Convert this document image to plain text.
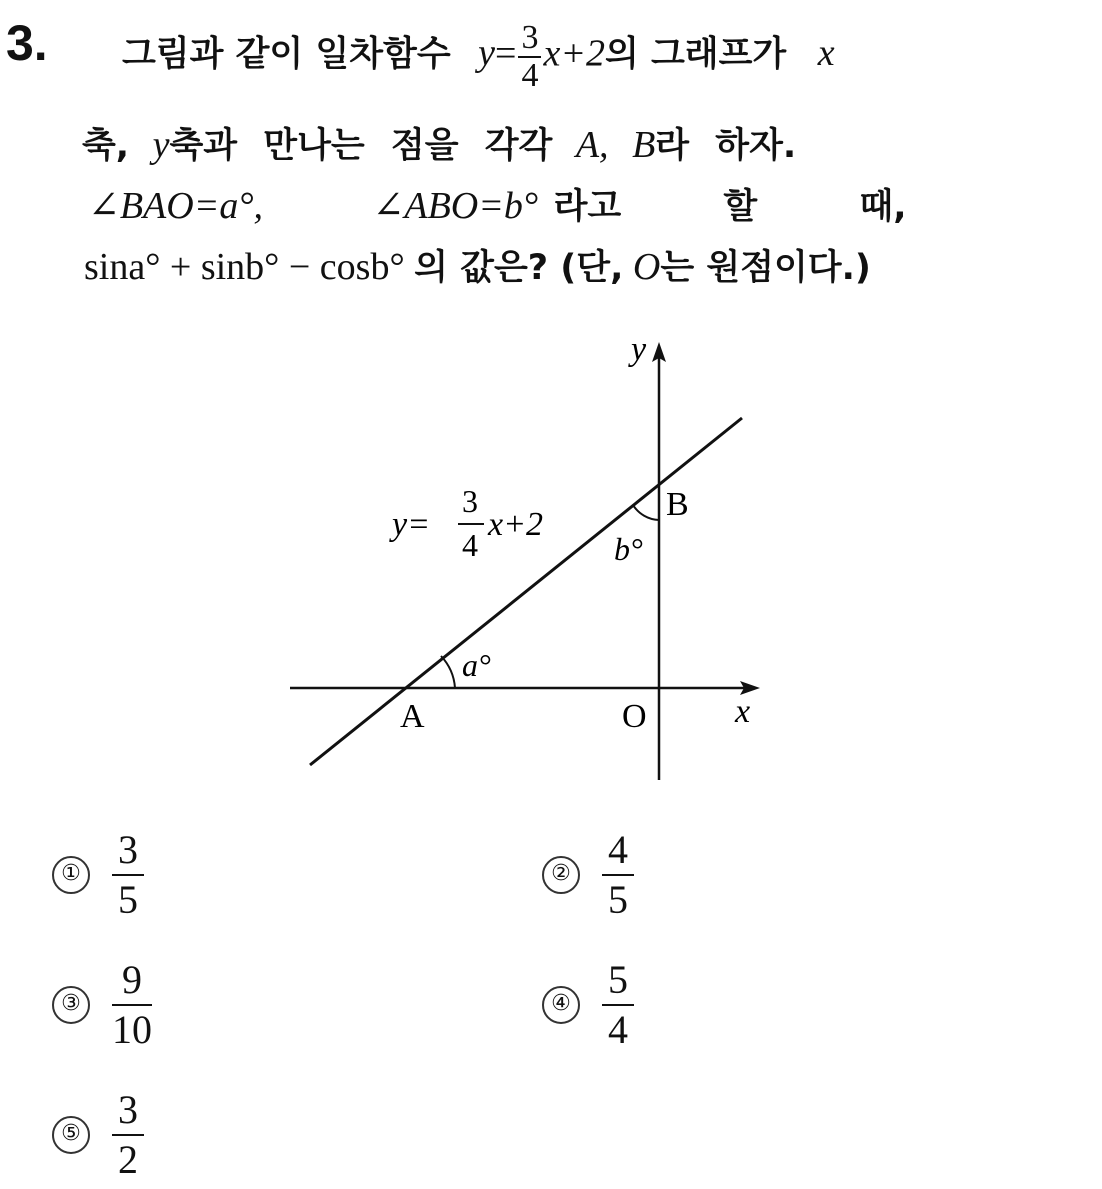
3. 그림과 같이 일차함수 $y= \frac{3}{4} x+2$의 그래프가 x
축, y축과 만나는 점을 각각 A, B라 하자.
∠BAO=a°,	∠ABO=b° 라고 할 때,
sina° + sinb° − cosb° 의 값은? (단, O는 원점이다.)
y
x
A
B
O
a°
b°
y=
3
4
x+2
① $\frac{3}{5}$	② $\frac{4}{5}$
③ $\frac{9}{10}$	④ $\frac{5}{4}$
⑤ $\frac{3}{2}$
